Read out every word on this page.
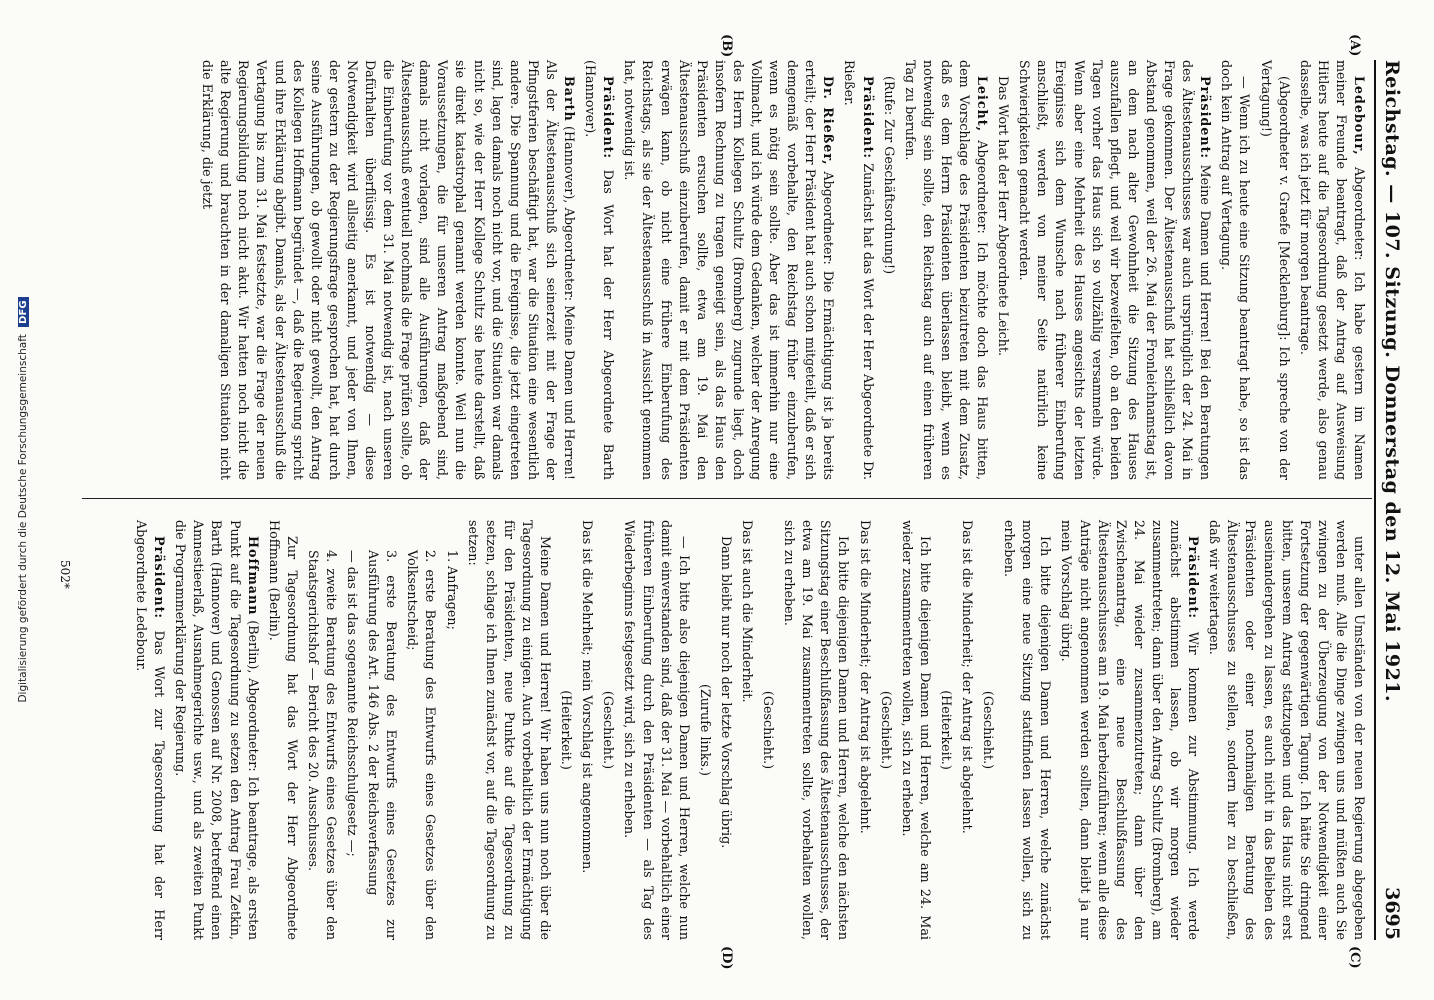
Reichstag. — 107. Sitzung. Donnerstag den 12. Mai 1921.
3695
(A)
(B)
(C)
(D)

Ledebour, Abgeordneter: Ich habe gestern im Namen meiner Freunde beantragt, daß der Antrag auf Ausweisung Hitlers heute auf die Tagesordnung gesetzt werde, also genau dasselbe, was ich jetzt für morgen beantrage.

(Abgeordneter v. Graefe [Mecklenburg]: Ich spreche von der Vertagung!)

— Wenn ich zu heute eine Sitzung beantragt habe, so ist das doch kein Antrag auf Vertagung.

Präsident: Meine Damen und Herren! Bei den Beratungen des Ältestenausschusses war auch ursprünglich der 24. Mai in Frage gekommen. Der Ältestenausschuß hat schließlich davon Abstand genommen, weil der 26. Mai der Fronleichnamstag ist, an dem nach alter Gewohnheit die Sitzung des Hauses auszufallen pflegt, und weil wir bezweifelten, ob an den beiden Tagen vorher das Haus sich so vollzählig versammeln würde. Wenn aber eine Mehrheit des Hauses angesichts der letzten Ereignisse sich dem Wunsche nach früherer Einberufung anschließt, werden von meiner Seite natürlich keine Schwierigkeiten gemacht werden.

Das Wort hat der Herr Abgeordnete Leicht.

Leicht, Abgeordneter: Ich möchte doch das Haus bitten, dem Vorschlage des Präsidenten beizutreten mit dem Zusatz, daß es dem Herrn Präsidenten überlassen bleibt, wenn es notwendig sein sollte, den Reichstag auch auf einen früheren Tag zu berufen.

(Rufe: Zur Geschäftsordnung!)

Präsident: Zunächst hat das Wort der Herr Abgeordnete Dr. Rießer.

Dr. Rießer, Abgeordneter: Die Ermächtigung ist ja bereits erteilt; der Herr Präsident hat auch schon mitgeteilt, daß er sich demgemäß vorbehalte, den Reichstag früher einzuberufen, wenn es nötig sein sollte. Aber das ist immerhin nur eine Vollmacht, und ich würde dem Gedanken, welcher der Anregung des Herrn Kollegen Schultz (Bromberg) zugrunde liegt, doch insofern Rechnung zu tragen geneigt sein, als das Haus den Präsidenten ersuchen sollte, etwa am 19. Mai den Ältestenausschuß einzuberufen, damit er mit dem Präsidenten erwägen kann, ob nicht eine frühere Einberufung des Reichstags, als sie der Ältestenausschuß in Aussicht genommen hat, notwendig ist.

Präsident: Das Wort hat der Herr Abgeordnete Barth (Hannover).

Barth (Hannover), Abgeordneter: Meine Damen und Herren! Als der Ältestenausschuß sich seinerzeit mit der Frage der Pfingstferien beschäftigt hat, war die Situation eine wesentlich andere. Die Spannung und die Ereignisse, die jetzt eingetreten sind, lagen damals noch nicht vor, und die Situation war damals nicht so, wie der Herr Kollege Schultz sie heute darstellt, daß sie direkt katastrophal genannt werden konnte. Weil nun die Voraussetzungen, die für unseren Antrag maßgebend sind, damals nicht vorlagen, sind alle Ausführungen, daß der Ältestenausschuß eventuell nochmals die Frage prüfen sollte, ob die Einberufung vor dem 31. Mai notwendig ist, nach unseren Dafürhalten überflüssig. Es ist notwendig — diese Notwendigkeit wird allseitig anerkannt, und jeder von Ihnen, der gestern zu der Regierungsfrage gesprochen hat, hat durch seine Ausführungen, ob gewollt oder nicht gewollt, den Antrag des Kollegen Hoffmann begründet —, daß die Regierung spricht und ihre Erklärung abgibt. Damals, als der Ältestenausschuß die Vertagung bis zum 31. Mai festsetzte, war die Frage der neuen Regierungsbildung noch nicht akut. Wir hatten noch nicht die alte Regierung und brauchten in der damaligen Situation nicht die Erklärung, die jetzt

unter allen Umständen von der neuen Regierung abgegeben werden muß. Alle die Dinge zwingen uns und müßten auch Sie zwingen zu der Überzeugung von der Notwendigkeit einer Fortsetzung der gegenwärtigen Tagung. Ich hätte Sie dringend bitten, unserem Antrag stattzugeben und das Haus nicht erst auseinandergehen zu lassen, es auch nicht in das Belieben des Präsidenten oder einer nochmaligen Beratung des Ältestenausschusses zu stellen, sondern hier zu beschließen, daß wir weitertagen.

Präsident: Wir kommen zur Abstimmung. Ich werde zunächst abstimmen lassen, ob wir morgen wieder zusammentreten; dann über den Antrag Schultz (Bromberg), am 24. Mai wieder zusammenzutreten; dann über den Zwischenantrag, eine neue Beschlußfassung des Ältestenausschusses am 19. Mai herbeizuführen; wenn alle diese Anträge nicht angenommen werden sollten, dann bleibt ja nur mein Vorschlag übrig.

Ich bitte diejenigen Damen und Herren, welche zunächst morgen eine neue Sitzung stattfinden lassen wollen, sich zu erheben.

(Geschieht.)

Das ist die Minderheit; der Antrag ist abgelehnt.

(Heiterkeit.)

Ich bitte diejenigen Damen und Herren, welche am 24. Mai wieder zusammentreten wollen, sich zu erheben.

(Geschieht.)

Das ist die Minderheit; der Antrag ist abgelehnt.

Ich bitte diejenigen Damen und Herren, welche den nächsten Sitzungstag einer Beschlußfassung des Ältestenausschusses, der etwa am 19. Mai zusammentreten sollte, vorbehalten wollen, sich zu erheben.

(Geschieht.)

Das ist auch die Minderheit.

Dann bleibt nur noch der letzte Vorschlag übrig.

(Zurufe links.)

— Ich bitte also diejenigen Damen und Herren, welche nun damit einverstanden sind, daß der 31. Mai — vorbehaltlich einer früheren Einberufung durch den Präsidenten — als Tag des Wiederbeginns festgesetzt wird, sich zu erheben.

(Geschieht.)

Das ist die Mehrheit; mein Vorschlag ist angenommen.

(Heiterkeit.)

Meine Damen und Herren! Wir haben uns nun noch über die Tagesordnung zu einigen. Auch vorbehaltlich der Ermächtigung für den Präsidenten, neue Punkte auf die Tagesordnung zu setzen, schlage ich Ihnen zunächst vor, auf die Tagesordnung zu setzen:

1. Anfragen;

2. erste Beratung des Entwurfs eines Gesetzes über den Volksentscheid;

3. erste Beratung des Entwurfs eines Gesetzes zur Ausführung des Art. 146 Abs. 2 der Reichsverfassung

— das ist das sogenannte Reichsschulgesetz —;

4. zweite Beratung des Entwurfs eines Gesetzes über den Staatsgerichtshof — Bericht des 20. Ausschusses.

Zur Tagesordnung hat das Wort der Herr Abgeordnete Hoffmann (Berlin).

Hoffmann (Berlin), Abgeordneter: Ich beantrage, als ersten Punkt auf die Tagesordnung zu setzen den Antrag Frau Zetkin, Barth (Hannover) und Genossen auf Nr. 2008, betreffend einen Amnestieerlaß, Ausnahmegerichte usw., und als zweiten Punkt die Programmerklärung der Regierung.

Präsident: Das Wort zur Tagesordnung hat der Herr Abgeordnete Ledebour.

502*
Digitalisierung gefördert durch die Deutsche Forschungsgemeinschaft DFG
